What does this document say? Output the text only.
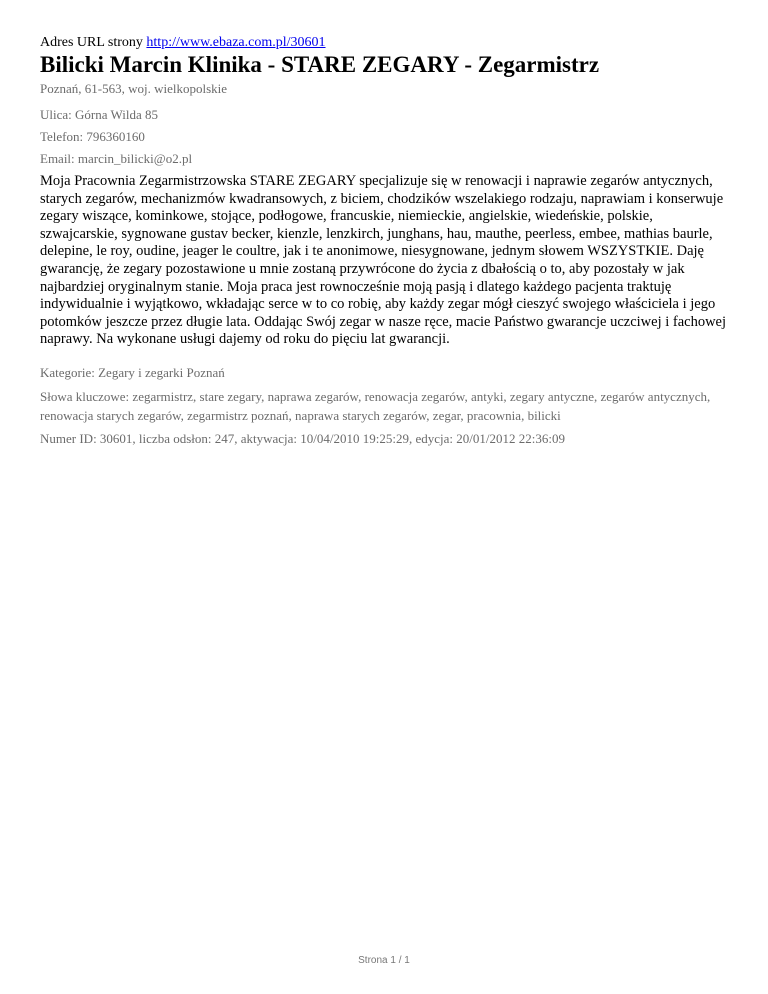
Adres URL strony http://www.ebaza.com.pl/30601
Bilicki Marcin Klinika - STARE ZEGARY - Zegarmistrz
Poznań, 61-563, woj. wielkopolskie
Ulica: Górna Wilda 85
Telefon: 796360160
Email: marcin_bilicki@o2.pl

Moja Pracownia Zegarmistrzowska STARE ZEGARY specjalizuje się w renowacji i naprawie zegarów antycznych, starych zegarów, mechanizmów kwadransowych, z biciem, chodzików wszelakiego rodzaju, naprawiam i konserwuje zegary wiszące, kominkowe, stojące, podłogowe, francuskie, niemieckie, angielskie, wiedeńskie, polskie, szwajcarskie, sygnowane gustav becker, kienzle, lenzkirch, junghans, hau, mauthe, peerless, embee, mathias baurle, delepine, le roy, oudine, jeager le coultre, jak i te anonimowe, niesygnowane, jednym słowem WSZYSTKIE. Daję gwarancję, że zegary pozostawione u mnie zostaną przywrócone do życia z dbałością o to, aby pozostały w jak najbardziej oryginalnym stanie. Moja praca jest rownocześnie moją pasją i dlatego każdego pacjenta traktuję indywidualnie i wyjątkowo, wkładając serce w to co robię, aby każdy zegar mógł cieszyć swojego właściciela i jego potomków jeszcze przez długie lata. Oddając Swój zegar w nasze ręce, macie Państwo gwarancje uczciwej i fachowej naprawy. Na wykonane usługi dajemy od roku do pięciu lat gwarancji.

Kategorie: Zegary i zegarki Poznań

Słowa kluczowe: zegarmistrz, stare zegary, naprawa zegarów, renowacja zegarów, antyki, zegary antyczne, zegarów antycznych, renowacja starych zegarów, zegarmistrz poznań, naprawa starych zegarów, zegar, pracownia, bilicki

Numer ID: 30601, liczba odsłon: 247, aktywacja: 10/04/2010 19:25:29, edycja: 20/01/2012 22:36:09
Strona 1 / 1
